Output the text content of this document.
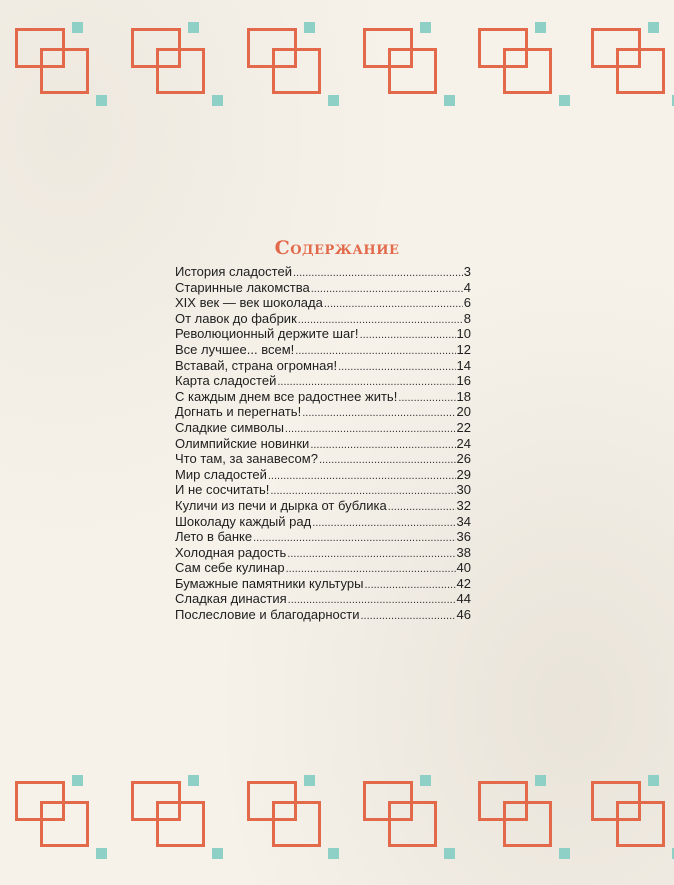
Содержание
История сладостей .....	3
Старинные лакомства .....	4
XIX век — век шоколада .....	6
От лавок до фабрик .....	8
Революционный держите шаг! .....	10
Все лучшее... всем! .....	12
Вставай, страна огромная! .....	14
Карта сладостей .....	16
С каждым днем все радостнее жить! .....	18
Догнать и перегнать! .....	20
Сладкие символы .....	22
Олимпийские новинки .....	24
Что там, за занавесом? .....	26
Мир сладостей .....	29
И не сосчитать! .....	30
Куличи из печи и дырка от бублика .....	32
Шоколаду каждый рад .....	34
Лето в банке .....	36
Холодная радость .....	38
Сам себе кулинар .....	40
Бумажные памятники культуры .....	42
Сладкая династия .....	44
Послесловие и благодарности .....	46
